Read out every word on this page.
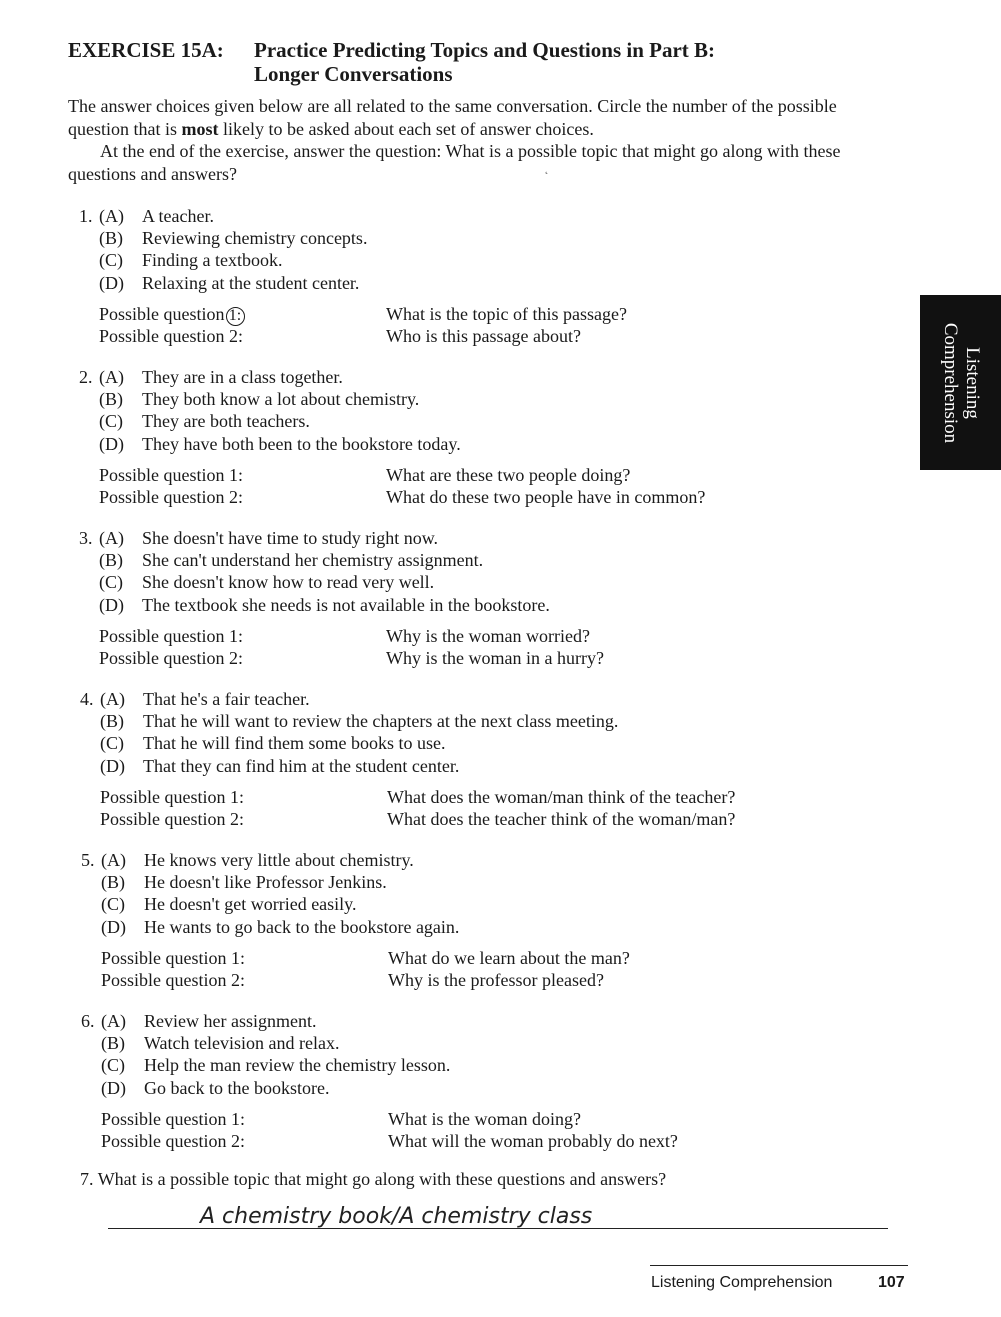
EXERCISE 15A: Practice Predicting Topics and Questions in Part B:
Longer Conversations

The answer choices given below are all related to the same conversation. Circle the number of the possible question that is most likely to be asked about each set of answer choices.

At the end of the exercise, answer the question: What is a possible topic that might go along with these questions and answers?	˛
Listening
Comprehension
1. (A) A teacher.
(B) Reviewing chemistry concepts.
(C) Finding a textbook.
(D) Relaxing at the student center.
Possible question 1:	What is the topic of this passage?
Possible question 2:	Who is this passage about?
2. (A) They are in a class together.
(B) They both know a lot about chemistry.
(C) They are both teachers.
(D) They have both been to the bookstore today.
Possible question 1:	What are these two people doing?
Possible question 2:	What do these two people have in common?
3. (A) She doesn't have time to study right now.
(B) She can't understand her chemistry assignment.
(C) She doesn't know how to read very well.
(D) The textbook she needs is not available in the bookstore.
Possible question 1:	Why is the woman worried?
Possible question 2:	Why is the woman in a hurry?
4. (A) That he's a fair teacher.
(B) That he will want to review the chapters at the next class meeting.
(C) That he will find them some books to use.
(D) That they can find him at the student center.
Possible question 1:	What does the woman/man think of the teacher?
Possible question 2:	What does the teacher think of the woman/man?
5. (A) He knows very little about chemistry.
(B) He doesn't like Professor Jenkins.
(C) He doesn't get worried easily.
(D) He wants to go back to the bookstore again.
Possible question 1:	What do we learn about the man?
Possible question 2:	Why is the professor pleased?
6. (A) Review her assignment.
(B) Watch television and relax.
(C) Help the man review the chemistry lesson.
(D) Go back to the bookstore.
Possible question 1:	What is the woman doing?
Possible question 2:	What will the woman probably do next?
7. What is a possible topic that might go along with these questions and answers?
A chemistry book/A chemistry class
Listening Comprehension	107
